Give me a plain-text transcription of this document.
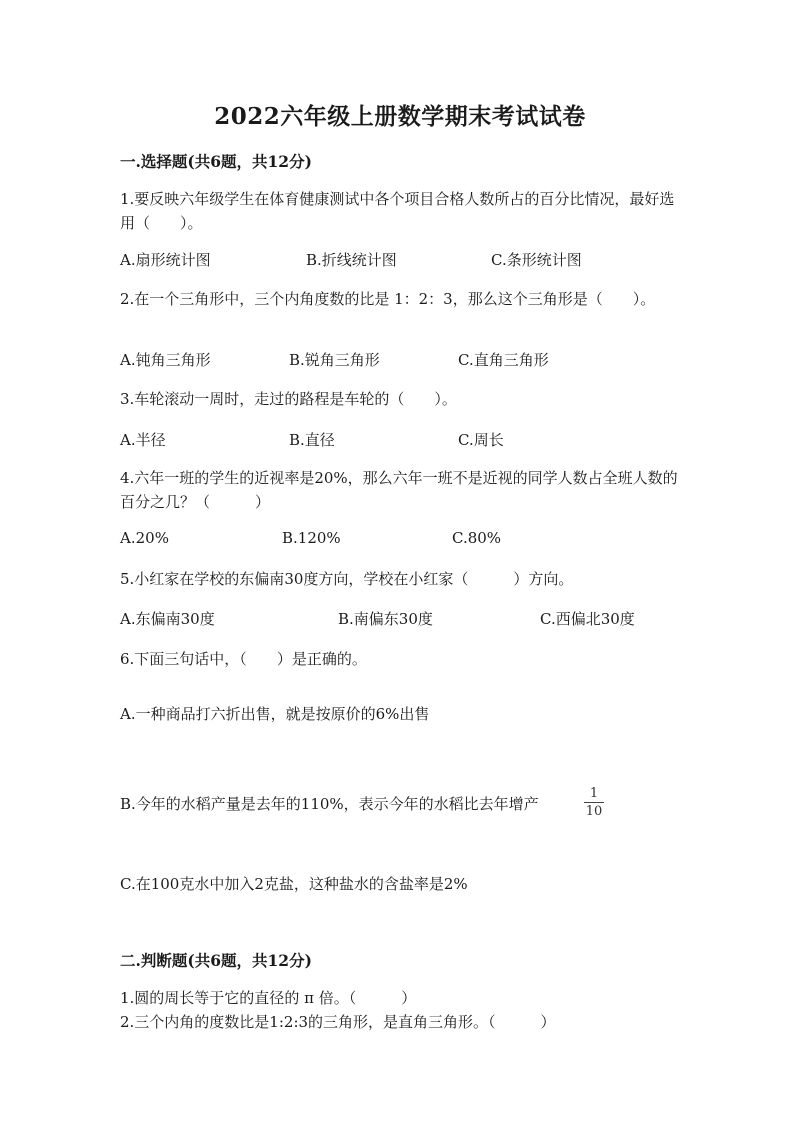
2022六年级上册数学期末考试试卷
一.选择题(共6题，共12分)
1.要反映六年级学生在体育健康测试中各个项目合格人数所占的百分比情况，最好选用（　　）。
A.扇形统计图	B.折线统计图	C.条形统计图
2.在一个三角形中，三个内角度数的比是 1：2：3，那么这个三角形是（　　）。
A.钝角三角形	B.锐角三角形	C.直角三角形
3.车轮滚动一周时，走过的路程是车轮的（　　）。
A.半径	B.直径	C.周长
4.六年一班的学生的近视率是20%，那么六年一班不是近视的同学人数占全班人数的百分之几？（　　　）
A.20%	B.120%	C.80%
5.小红家在学校的东偏南30度方向，学校在小红家（　　　）方向。
A.东偏南30度	B.南偏东30度	C.西偏北30度
6.下面三句话中，（　　）是正确的。
A.一种商品打六折出售，就是按原价的6%出售
B.今年的水稻产量是去年的110%，表示今年的水稻比去年增产
1
10
C.在100克水中加入2克盐，这种盐水的含盐率是2%
二.判断题(共6题，共12分)
1.圆的周长等于它的直径的 π 倍。（　　　）
2.三个内角的度数比是1:2:3的三角形，是直角三角形。（　　　）
